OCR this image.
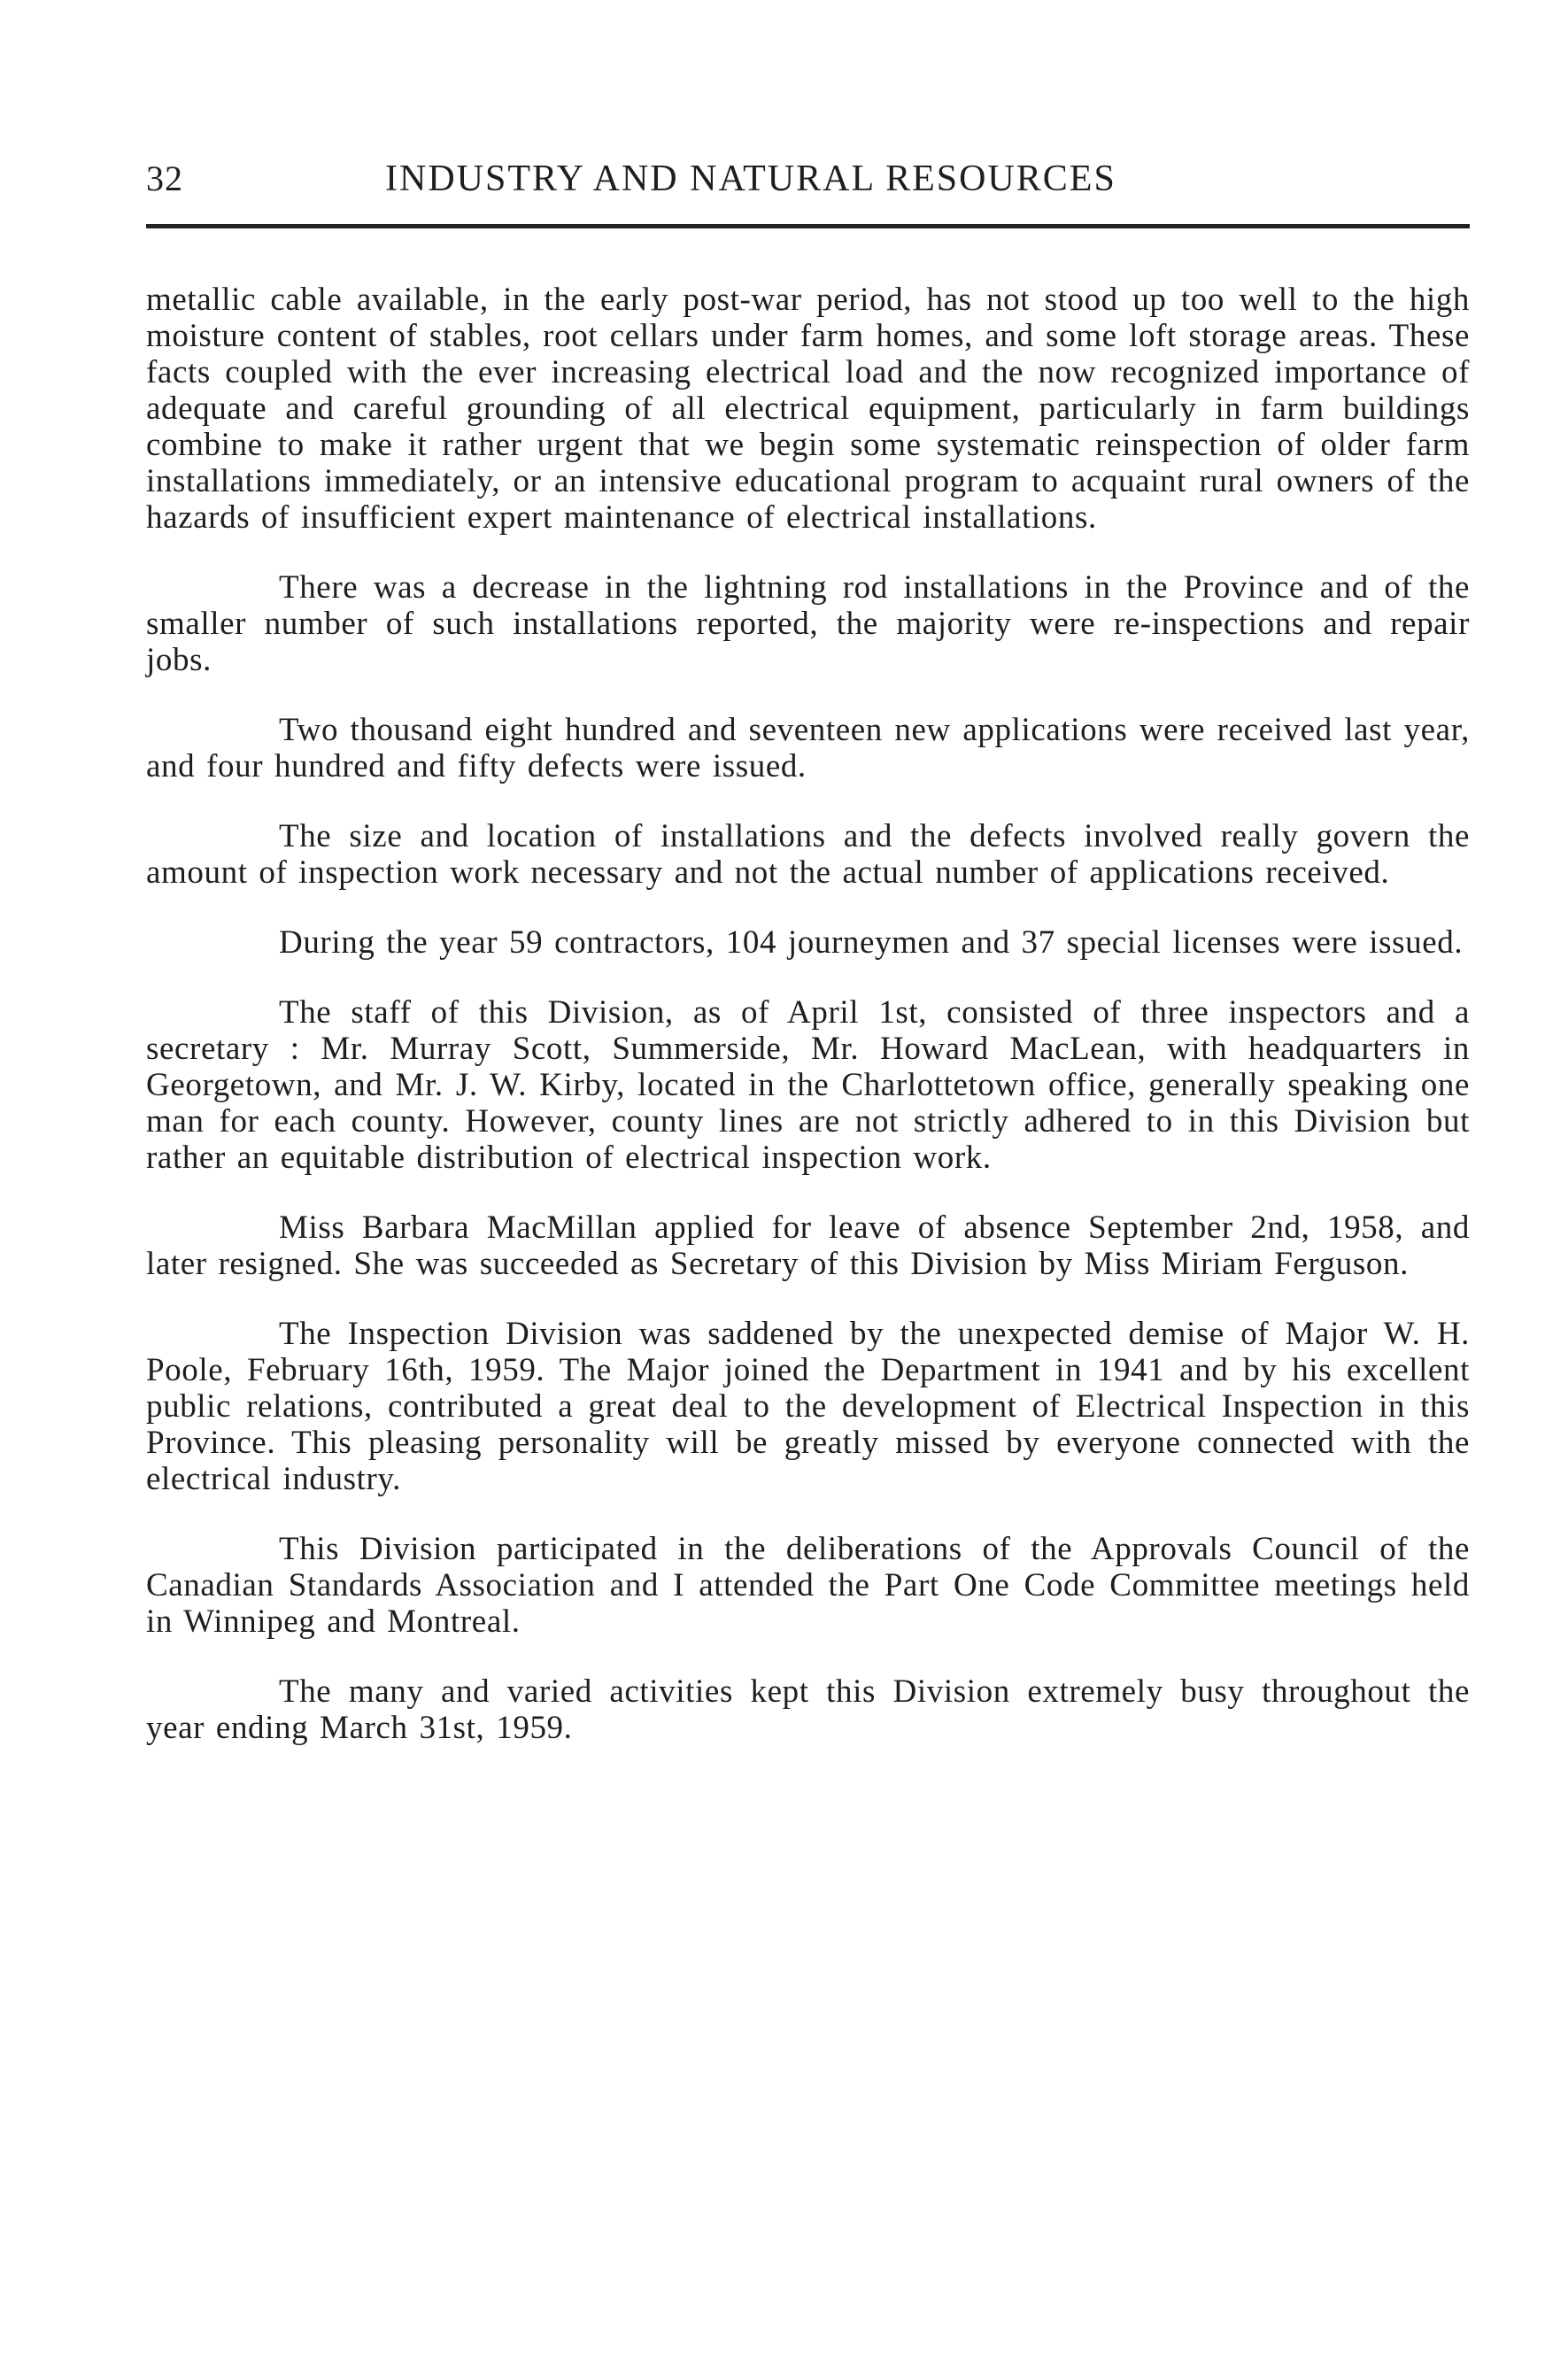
32	INDUSTRY AND NATURAL RESOURCES

metallic cable available, in the early post-war period, has not stood up too well to the high moisture content of stables, root cellars under farm homes, and some loft storage areas. These facts coupled with the ever increasing electrical load and the now recognized importance of adequate and careful grounding of all electrical equipment, particularly in farm buildings combine to make it rather urgent that we begin some systematic reinspection of older farm installations immediately, or an intensive educational program to acquaint rural owners of the hazards of insufficient expert maintenance of electrical installations.

There was a decrease in the lightning rod installations in the Province and of the smaller number of such installations reported, the majority were re-inspections and repair jobs.

Two thousand eight hundred and seventeen new applications were received last year, and four hundred and fifty defects were issued.

The size and location of installations and the defects involved really govern the amount of inspection work necessary and not the actual number of applications received.

During the year 59 contractors, 104 journeymen and 37 special licenses were issued.

The staff of this Division, as of April 1st, consisted of three inspectors and a secretary : Mr. Murray Scott, Summerside, Mr. Howard MacLean, with headquarters in Georgetown, and Mr. J. W. Kirby, located in the Charlottetown office, generally speaking one man for each county. However, county lines are not strictly adhered to in this Division but rather an equitable distribution of electrical inspection work.

Miss Barbara MacMillan applied for leave of absence September 2nd, 1958, and later resigned. She was succeeded as Secretary of this Division by Miss Miriam Ferguson.

The Inspection Division was saddened by the unexpected demise of Major W. H. Poole, February 16th, 1959. The Major joined the Department in 1941 and by his excellent public relations, contributed a great deal to the development of Electrical Inspection in this Province. This pleasing personality will be greatly missed by everyone connected with the electrical industry.

This Division participated in the deliberations of the Approvals Council of the Canadian Standards Association and I attended the Part One Code Committee meetings held in Winnipeg and Montreal.

The many and varied activities kept this Division extremely busy throughout the year ending March 31st, 1959.
